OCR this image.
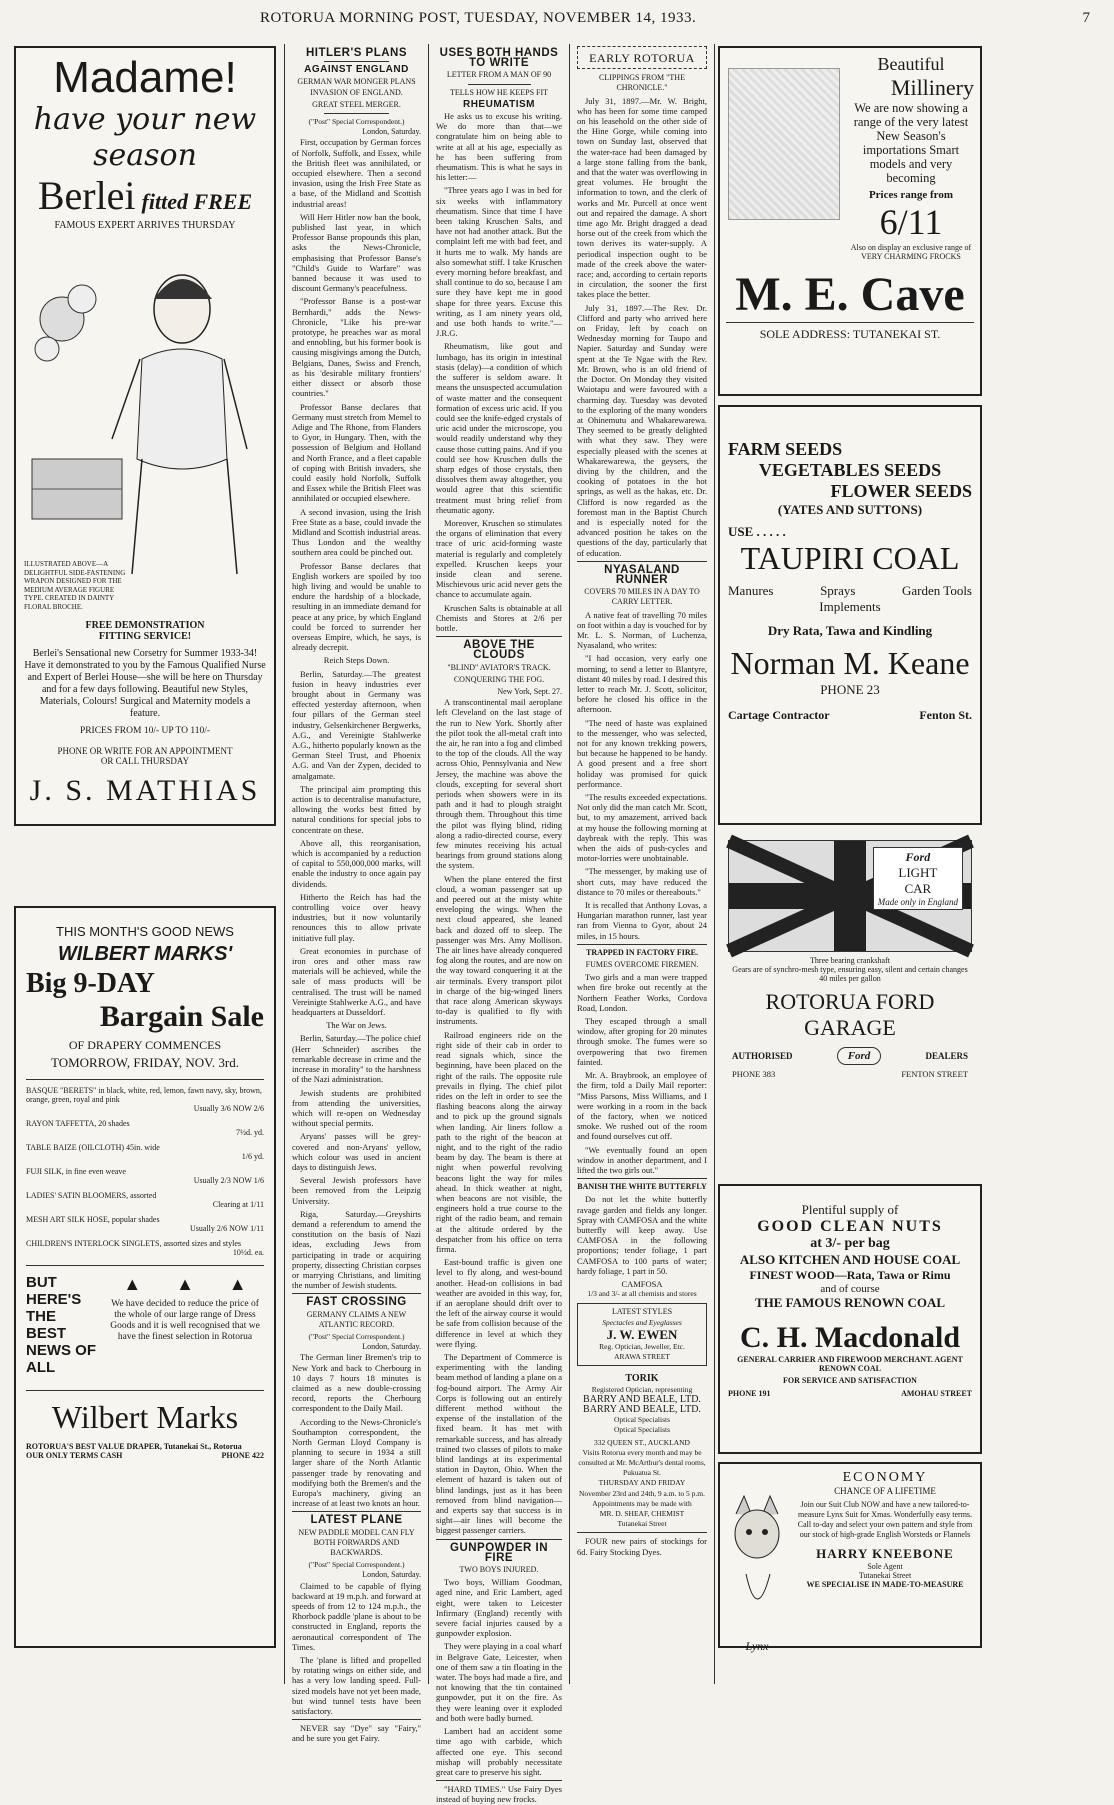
ROTORUA MORNING POST, TUESDAY, NOVEMBER 14, 1933.	7
Madame!
have your new season
Berlei fitted FREE
FAMOUS EXPERT ARRIVES THURSDAY
ILLUSTRATED ABOVE—A DELIGHTFUL SIDE-FASTENING WRAPON DESIGNED FOR THE MEDIUM AVERAGE FIGURE TYPE. CREATED IN DAINTY FLORAL BROCHE.
FREE DEMONSTRATION FITTING SERVICE!
Berlei's Sensational new Corsetry for Summer 1933-34! Have it demonstrated to you by the Famous Qualified Nurse and Expert of Berlei House—she will be here on Thursday and for a few days following. Beautiful new Styles, Materials, Colours! Surgical and Maternity models a feature.
PRICES FROM 10/- UP TO 110/-
PHONE OR WRITE FOR AN APPOINTMENT OR CALL THURSDAY
J. S. MATHIAS
THIS MONTH'S GOOD NEWS
WILBERT MARKS'
Big 9-DAY
Bargain Sale
OF DRAPERY COMMENCES
TOMORROW, FRIDAY, NOV. 3rd.
BASQUE "BERETS" in black, white, red, lemon, fawn navy, sky, brown, orange, green, royal and pink
Usually 3/6 NOW 2/6
RAYON TAFFETTA, 20 shades
7½d. yd.
TABLE BAIZE (OILCLOTH) 45in. wide
1/6 yd.
FUJI SILK, in fine even weave
Usually 2/3 NOW 1/6
LADIES' SATIN BLOOMERS, assorted
Clearing at 1/11
MESH ART SILK HOSE, popular shades
Usually 2/6 NOW 1/11
CHILDREN'S INTERLOCK SINGLETS, assorted sizes and styles
10½d. ea.
BUT HERE'S THE BEST NEWS OF ALL
▲ ▲ ▲
We have decided to reduce the price of the whole of our large range of Dress Goods and it is well recognised that we have the finest selection in Rotorua
Wilbert Marks
ROTORUA'S BEST VALUE DRAPER, Tutanekai St., Rotorua
OUR ONLY TERMS CASH	PHONE 422
HITLER'S PLANS
AGAINST ENGLAND
GERMAN WAR MONGER PLANS INVASION OF ENGLAND.
GREAT STEEL MERGER.
("Post" Special Correspondent.)
London, Saturday.

First, occupation by German forces of Norfolk, Suffolk, and Essex, while the British fleet was annihilated, or occupied elsewhere. Then a second invasion, using the Irish Free State as a base, of the Midland and Scottish industrial areas!

Will Herr Hitler now ban the book, published last year, in which Professor Banse propounds this plan, asks the News-Chronicle, emphasising that Professor Banse's "Child's Guide to Warfare" was banned because it was used to discount Germany's peacefulness.

"Professor Banse is a post-war Bernhardi," adds the News-Chronicle, "Like his pre-war prototype, he preaches war as moral and ennobling, but his former book is causing misgivings among the Dutch, Belgians, Danes, Swiss and French, as his 'desirable military frontiers' either dissect or absorb those countries."

Professor Banse declares that Germany must stretch from Memel to Adige and The Rhone, from Flanders to Gyor, in Hungary. Then, with the possession of Belgium and Holland and North France, and a fleet capable of coping with British invaders, she could easily hold Norfolk, Suffolk and Essex while the British Fleet was annihilated or occupied elsewhere.

A second invasion, using the Irish Free State as a base, could invade the Midland and Scottish industrial areas. Thus London and the wealthy southern area could be pinched out.

Professor Banse declares that English workers are spoiled by too high living and would be unable to endure the hardship of a blockade, resulting in an immediate demand for peace at any price, by which England could be forced to surrender her overseas Empire, which, he says, is already decrepit.

Reich Steps Down.

Berlin, Saturday.—The greatest fusion in heavy industries ever brought about in Germany was effected yesterday afternoon, when four pillars of the German steel industry, Gelsenkirchener Bergwerks, A.G., and Vereinigte Stahlwerke A.G., hitherto popularly known as the German Steel Trust, and Phoenix A.G. and Van der Zypen, decided to amalgamate.

The principal aim prompting this action is to decentralise manufacture, allowing the works best fitted by natural conditions for special jobs to concentrate on these.

Above all, this reorganisation, which is accompanied by a reduction of capital to 550,000,000 marks, will enable the industry to once again pay dividends.

Hitherto the Reich has had the controlling voice over heavy industries, but it now voluntarily renounces this to allow private initiative full play.

Great economies in purchase of iron ores and other mass raw materials will be achieved, while the sale of mass products will be centralised. The trust will be named Vereinigte Stahlwerke A.G., and have headquarters at Dusseldorf.

The War on Jews.

Berlin, Saturday.—The police chief (Herr Schneider) ascribes the remarkable decrease in crime and the increase in morality" to the harshness of the Nazi administration.

Jewish students are prohibited from attending the universities, which will re-open on Wednesday without special permits.

Aryans' passes will be grey-covered and non-Aryans' yellow, which colour was used in ancient days to distinguish Jews.

Several Jewish professors have been removed from the Leipzig University.

Riga, Saturday.—Greyshirts demand a referendum to amend the constitution on the basis of Nazi ideas, excluding Jews from participating in trade or acquiring property, dissecting Christian corpses or marrying Christians, and limiting the number of Jewish students.

FAST CROSSING
GERMANY CLAIMS A NEW ATLANTIC RECORD.
("Post" Special Correspondent.)
London, Saturday.

The German liner Bremen's trip to New York and back to Cherbourg in 10 days 7 hours 18 minutes is claimed as a new double-crossing record, reports the Cherbourg correspondent to the Daily Mail.

According to the News-Chronicle's Southampton correspondent, the North German Lloyd Company is planning to secure in 1934 a still larger share of the North Atlantic passenger trade by renovating and modifying both the Bremen's and the Europa's machinery, giving an increase of at least two knots an hour.

LATEST PLANE
NEW PADDLE MODEL CAN FLY BOTH FORWARDS AND BACKWARDS.
("Post" Special Correspondent.)
London, Saturday.

Claimed to be capable of flying backward at 19 m.p.h. and forward at speeds of from 12 to 124 m.p.h., the Rhorbock paddle 'plane is about to be constructed in England, reports the aeronautical correspondent of The Times.

The 'plane is lifted and propelled by rotating wings on either side, and has a very low landing speed. Full-sized models have not yet been made, but wind tunnel tests have been satisfactory.

NEVER say "Dye" say "Fairy," and be sure you get Fairy.

USES BOTH HANDS TO WRITE
LETTER FROM A MAN OF 90
TELLS HOW HE KEEPS FIT
RHEUMATISM

He asks us to excuse his writing. We do more than that—we congratulate him on being able to write at all at his age, especially as he has been suffering from rheumatism. This is what he says in his letter:—

"Three years ago I was in bed for six weeks with inflammatory rheumatism. Since that time I have been taking Kruschen Salts, and have not had another attack. But the complaint left me with bad feet, and it hurts me to walk. My hands are also somewhat stiff. I take Kruschen every morning before breakfast, and shall continue to do so, because I am sure they have kept me in good shape for three years. Excuse this writing, as I am ninety years old, and use both hands to write."—J.R.G.

Rheumatism, like gout and lumbago, has its origin in intestinal stasis (delay)—a condition of which the sufferer is seldom aware. It means the unsuspected accumulation of waste matter and the consequent formation of excess uric acid. If you could see the knife-edged crystals of uric acid under the microscope, you would readily understand why they cause those cutting pains. And if you could see how Kruschen dulls the sharp edges of those crystals, then dissolves them away altogether, you would agree that this scientific treatment must bring relief from rheumatic agony.

Moreover, Kruschen so stimulates the organs of elimination that every trace of uric acid-forming waste material is regularly and completely expelled. Kruschen keeps your inside clean and serene. Mischievous uric acid never gets the chance to accumulate again.

Kruschen Salts is obtainable at all Chemists and Stores at 2/6 per bottle.

ABOVE THE CLOUDS
"BLIND" AVIATOR'S TRACK.
CONQUERING THE FOG.
New York, Sept. 27.

A transcontinental mail aeroplane left Cleveland on the last stage of the run to New York. Shortly after the pilot took the all-metal craft into the air, he ran into a fog and climbed to the top of the clouds. All the way across Ohio, Pennsylvania and New Jersey, the machine was above the clouds, excepting for several short periods when showers were in its path and it had to plough straight through them. Throughout this time the pilot was flying blind, riding along a radio-directed course, every few minutes receiving his actual bearings from ground stations along the system.

When the plane entered the first cloud, a woman passenger sat up and peered out at the misty white enveloping the wings. When the next cloud appeared, she leaned back and dozed off to sleep. The passenger was Mrs. Amy Mollison. The air lines have already conquered fog along the routes, and are now on the way toward conquering it at the air terminals. Every transport pilot in charge of the big-winged liners that race along American skyways to-day is qualified to fly with instruments.

Railroad engineers ride on the right side of their cab in order to read signals which, since the beginning, have been placed on the right of the rails. The opposite rule prevails in flying. The chief pilot rides on the left in order to see the flashing beacons along the airway and to pick up the ground signals when landing. Air liners follow a path to the right of the beacon at night, and to the right of the radio beam by day. The beam is there at night when powerful revolving beacons light the way for miles ahead. In thick weather at night, when beacons are not visible, the engineers hold a true course to the right of the radio beam, and remain at the altitude ordered by the despatcher from his office on terra firma.

East-bound traffic is given one level to fly along, and west-bound another. Head-on collisions in bad weather are avoided in this way, for, if an aeroplane should drift over to the left of the airway course it would be safe from collision because of the difference in level at which they were flying.

The Department of Commerce is experimenting with the landing beam method of landing a plane on a fog-bound airport. The Army Air Corps is following out an entirely different method without the expense of the installation of the fixed beam. It has met with remarkable success, and has already trained two classes of pilots to make blind landings at its experimental station in Dayton, Ohio. When the element of hazard is taken out of blind landings, just as it has been removed from blind navigation—and experts say that success is in sight—air lines will become the biggest passenger carriers.

GUNPOWDER IN FIRE
TWO BOYS INJURED.

Two boys, William Goodman, aged nine, and Eric Lambert, aged eight, were taken to Leicester Infirmary (England) recently with severe facial injuries caused by a gunpowder explosion.

They were playing in a coal wharf in Belgrave Gate, Leicester, when one of them saw a tin floating in the water. The boys had made a fire, and not knowing that the tin contained gunpowder, put it on the fire. As they were leaning over it exploded and both were badly burned.

Lambert had an accident some time ago with carbide, which affected one eye. This second mishap will probably necessitate great care to preserve his sight.

"HARD TIMES." Use Fairy Dyes instead of buying new frocks.

EARLY ROTORUA
CLIPPINGS FROM "THE CHRONICLE."

July 31, 1897.—Mr. W. Bright, who has been for some time camped on his leasehold on the other side of the Hine Gorge, while coming into town on Sunday last, observed that the water-race had been damaged by a large stone falling from the bank, and that the water was overflowing in great volumes. He brought the information to town, and the clerk of works and Mr. Purcell at once went out and repaired the damage. A short time ago Mr. Bright dragged a dead horse out of the creek from which the town derives its water-supply. A periodical inspection ought to be made of the creek above the water-race; and, according to certain reports in circulation, the sooner the first takes place the better.

July 31, 1897.—The Rev. Dr. Clifford and party who arrived here on Friday, left by coach on Wednesday morning for Taupo and Napier. Saturday and Sunday were spent at the Te Ngae with the Rev. Mr. Brown, who is an old friend of the Doctor. On Monday they visited Waiotapu and were favoured with a charming day. Tuesday was devoted to the exploring of the many wonders at Ohinemutu and Whakarewarewa. They seemed to be greatly delighted with what they saw. They were especially pleased with the scenes at Whakarewarewa, the geysers, the diving by the children, and the cooking of potatoes in the hot springs, as well as the hakas, etc. Dr. Clifford is now regarded as the foremost man in the Baptist Church and is especially noted for the advanced position he takes on the questions of the day, particularly that of education.

NYASALAND RUNNER
COVERS 70 MILES IN A DAY TO CARRY LETTER.

A native feat of travelling 70 miles on foot within a day is vouched for by Mr. L. S. Norman, of Luchenza, Nyasaland, who writes:

"I had occasion, very early one morning, to send a letter to Blantyre, distant 40 miles by road. I desired this letter to reach Mr. J. Scott, solicitor, before he closed his office in the afternoon.

"The need of haste was explained to the messenger, who was selected, not for any known trekking powers, but because he happened to be handy. A good present and a free short holiday was promised for quick performance.

"The results exceeded expectations. Not only did the man catch Mr. Scott, but, to my amazement, arrived back at my house the following morning at daybreak with the reply. This was when the aids of push-cycles and motor-lorries were unobtainable.

"The messenger, by making use of short cuts, may have reduced the distance to 70 miles or thereabouts."

It is recalled that Anthony Lovas, a Hungarian marathon runner, last year ran from Vienna to Gyor, about 24 miles, in 15 hours.

TRAPPED IN FACTORY FIRE.
FUMES OVERCOME FIREMEN.

Two girls and a man were trapped when fire broke out recently at the Northern Feather Works, Cordova Road, London.

They escaped through a small window, after groping for 20 minutes through smoke. The fumes were so overpowering that two firemen fainted.

Mr. A. Braybrook, an employee of the firm, told a Daily Mail reporter: "Miss Parsons, Miss Williams, and I were working in a room in the back of the factory, when we noticed smoke. We rushed out of the room and found ourselves cut off.

"We eventually found an open window in another department, and I lifted the two girls out."

BANISH THE WHITE BUTTERFLY

Do not let the white butterfly ravage garden and fields any longer. Spray with CAMFOSA and the white butterfly will keep away. Use CAMFOSA in the following proportions; tender foliage, 1 part CAMFOSA to 100 parts of water; hardy foliage, 1 part in 50.

CAMFOSA
1/3 and 3/- at all chemists and stores
LATEST STYLES
Spectacles and Eyeglasses
J. W. EWEN
Reg. Optician, Jeweller, Etc.
ARAWA STREET
TORIK
Registered Optician, representing
BARRY AND BEALE, LTD.
BARRY AND BEALE, LTD.
Optical Specialists
Optical Specialists
332 QUEEN ST., AUCKLAND
Visits Rotorua every month and may be consulted at Mr. McArthur's dental rooms, Pukuatua St.
THURSDAY AND FRIDAY
November 23rd and 24th, 9 a.m. to 5 p.m.
Appointments may be made with
MR. D. SHEAF, CHEMIST
Tutanekai Street

FOUR new pairs of stockings for 6d. Fairy Stocking Dyes.

Beautiful
Millinery
We are now showing a range of the very latest New Season's importations Smart models and very becoming
Prices range from
6/11
Also on display an exclusive range of VERY CHARMING FROCKS
M. E. Cave
SOLE ADDRESS: TUTANEKAI ST.
FARM SEEDS
VEGETABLES SEEDS
FLOWER SEEDS
(YATES AND SUTTONS)
USE . . . . .
TAUPIRI COAL
Manures	Sprays	Garden Tools
Implements
Dry Rata, Tawa and Kindling
Norman M. Keane
PHONE 23
Cartage Contractor	Fenton St.
Ford
LIGHT
CAR
Made only in England
Three bearing crankshaft
Gears are of synchro-mesh type, ensuring easy, silent and certain changes
40 miles per gallon
ROTORUA FORD
GARAGE
AUTHORISED	Ford	DEALERS
PHONE 383	FENTON STREET
Plentiful supply of
GOOD CLEAN NUTS
at 3/- per bag
ALSO KITCHEN AND HOUSE COAL
FINEST WOOD—Rata, Tawa or Rimu
and of course
THE FAMOUS RENOWN COAL
C. H. Macdonald
GENERAL CARRIER AND FIREWOOD MERCHANT. AGENT RENOWN COAL
FOR SERVICE AND SATISFACTION
PHONE 191	AMOHAU STREET
Lynx
ECONOMY
CHANCE OF A LIFETIME
Join our Suit Club NOW and have a new tailored-to-measure Lynx Suit for Xmas. Wonderfully easy terms. Call to-day and select your own pattern and style from our stock of high-grade English Worsteds or Flannels
HARRY KNEEBONE
Sole Agent
Tutanekai Street
WE SPECIALISE IN MADE-TO-MEASURE
